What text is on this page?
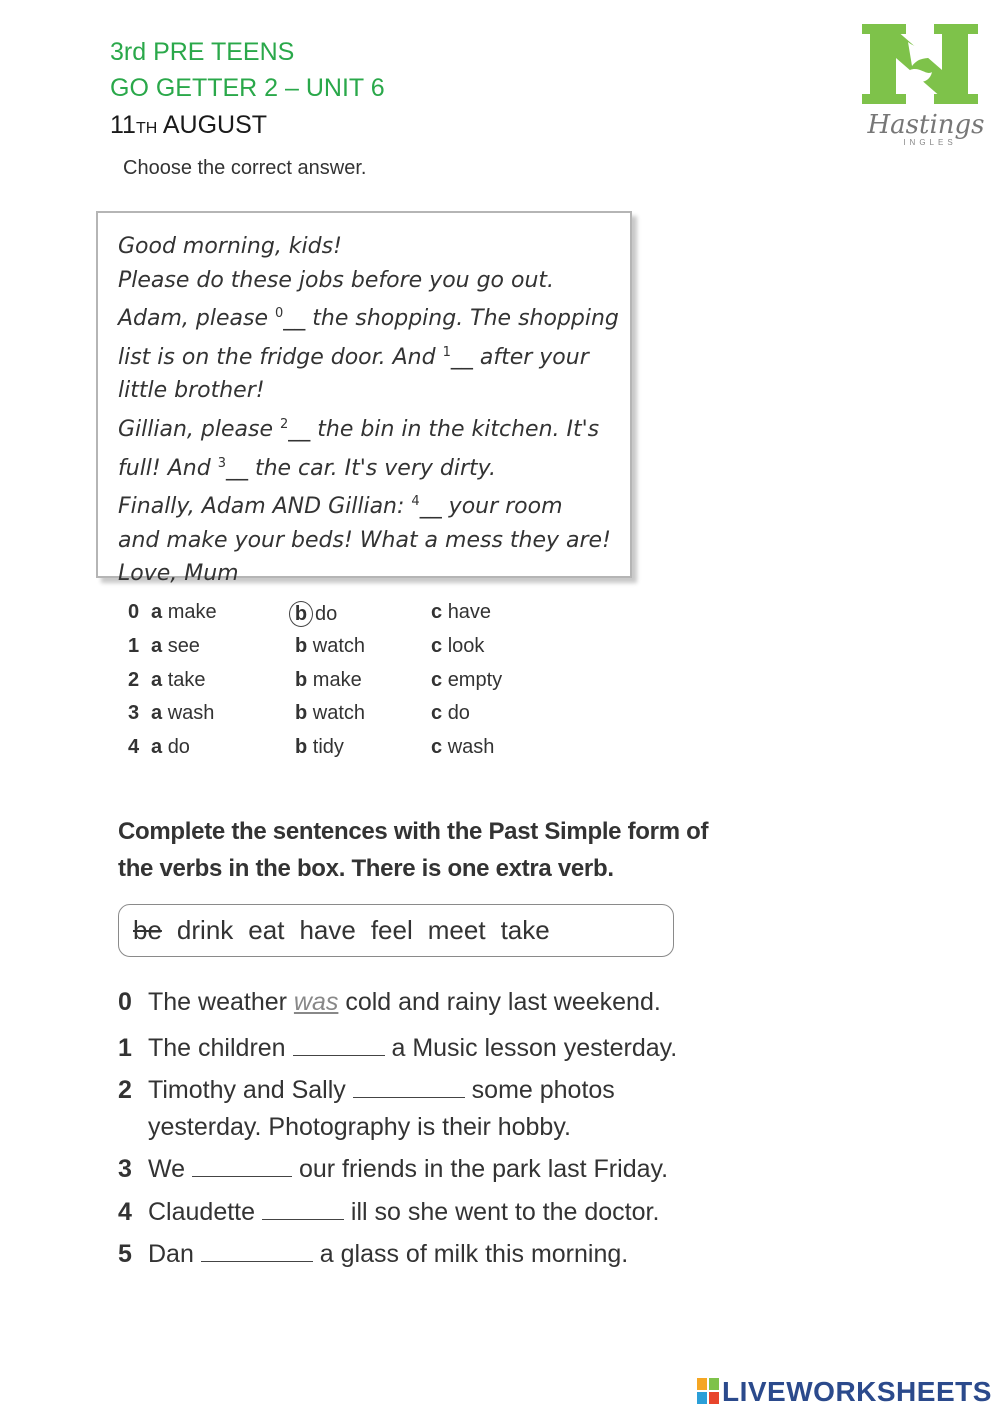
3rd PRE TEENS
GO GETTER 2 – UNIT 6
11TH AUGUST	Hastings
INGLES
Choose the correct answer.
Good morning, kids!
Please do these jobs before you go out.
Adam, please $^0$__ the shopping. The shopping
list is on the fridge door. And $^1$__ after your
little brother!
Gillian, please $^2$__ the bin in the kitchen. It's
full! And $^3$__ the car. It's very dirty.
Finally, Adam AND Gillian: $^4$__ your room
and make your beds! What a mess they are!
Love, Mum
0 a make	b do	c have
1 a see	b watch	c look
2 a take	b make	c empty
3 a wash	b watch	c do
4 a do	b tidy	c wash
Complete the sentences with the Past Simple form of the verbs in the box. There is one extra verb.
be drink eat have feel meet take
0 The weather was cold and rainy last weekend.
1 The children	a Music lesson yesterday.
2 Timothy and Sally	some photos
yesterday. Photography is their hobby.
3 We	our friends in the park last Friday.
4 Claudette	ill so she went to the doctor.
5 Dan	a glass of milk this morning.
LIVEWORKSHEETS
